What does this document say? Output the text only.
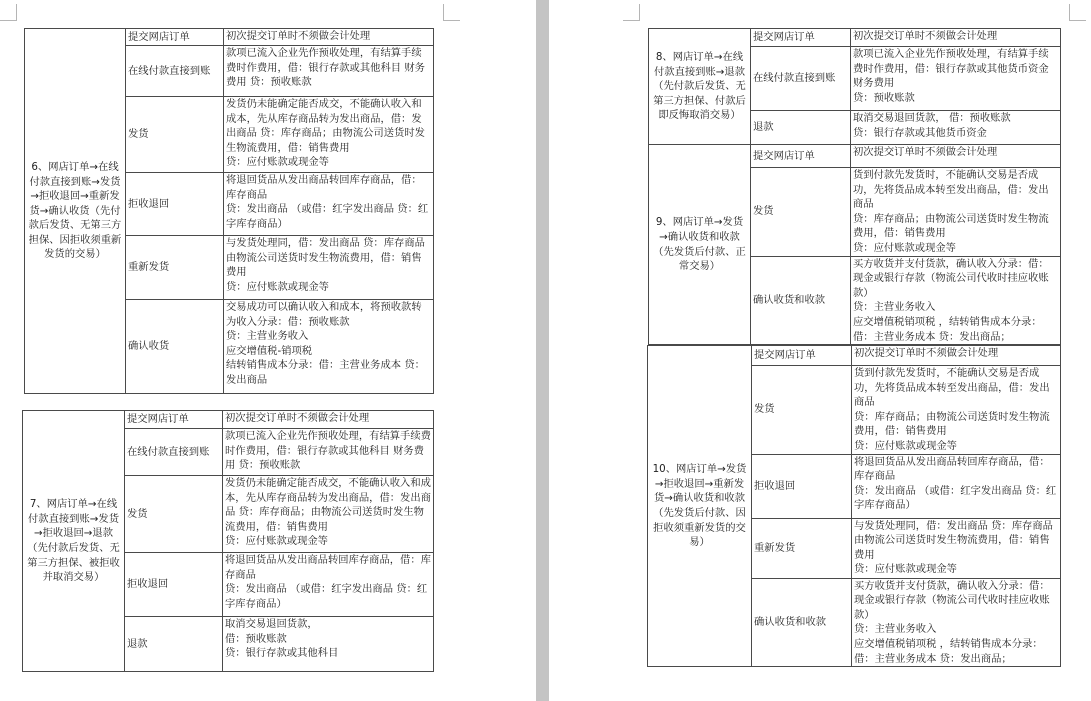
6、网店订单→在线付款直接到账→发货→拒收退回→重新发货→确认收货（先付款后发货、无第三方担保、因拒收须重新发货的交易）	提交网店订单	初次提交订单时不须做会计处理

	在线付款直接到账	款项已流入企业先作预收处理，有结算手续费时作费用，借：银行存款或其他科目 财务费用 贷：预收账款

	发货	发货仍未能确定能否成交，不能确认收入和成本，先从库存商品转为发出商品，借：发出商品 贷：库存商品；由物流公司送货时发生物流费用，借：销售费用
贷：应付账款或现金等

	拒收退回	将退回货品从发出商品转回库存商品，借：库存商品
贷：发出商品 （或借：红字发出商品 贷：红字库存商品）

	重新发货	与发货处理同，借：发出商品 贷：库存商品
由物流公司送货时发生物流费用，借：销售费用
贷：应付账款或现金等

	确认收货	交易成功可以确认收入和成本，将预收款转为收入分录：借：预收账款
贷：主营业务收入
应交增值税-销项税
结转销售成本分录：借：主营业务成本 贷：发出商品
7、网店订单→在线付款直接到账→发货→拒收退回→退款（先付款后发货、无第三方担保、被拒收并取消交易）	提交网店订单	初次提交订单时不须做会计处理

	在线付款直接到账	款项已流入企业先作预收处理，有结算手续费时作费用，借：银行存款或其他科目 财务费用 贷：预收账款

	发货	发货仍未能确定能否成交，不能确认收入和成本，先从库存商品转为发出商品，借：发出商品 贷：库存商品；由物流公司送货时发生物流费用，借：销售费用
贷：应付账款或现金等

	拒收退回	将退回货品从发出商品转回库存商品，借：库存商品
贷：发出商品 （或借：红字发出商品 贷：红字库存商品）

	退款	取消交易退回货款，
借：预收账款
贷：银行存款或其他科目
8、网店订单→在线付款直接到账→退款（先付款后发货、无第三方担保、付款后即反悔取消交易）	提交网店订单	初次提交订单时不须做会计处理

	在线付款直接到账	款项已流入企业先作预收处理，有结算手续费时作费用，借：银行存款或其他货币资金
财务费用
贷：预收账款

	退款	取消交易退回货款， 借：预收账款
贷：银行存款或其他货币资金

9、网店订单→发货→确认收货和收款（先发货后付款、正常交易）	提交网店订单	初次提交订单时不须做会计处理

	发货	货到付款先发货时，不能确认交易是否成功，先将货品成本转至发出商品，借：发出商品
贷：库存商品；由物流公司送货时发生物流费用，借：销售费用
贷：应付账款或现金等

	确认收货和收款	买方收货并支付货款，确认收入分录：借：现金或银行存款（物流公司代收时挂应收账款）
贷：主营业务收入
应交增值税销项税 ，结转销售成本分录：
借：主营业务成本 贷：发出商品；
10、网店订单→发货→拒收退回→重新发货→确认收货和收款（先发货后付款、因拒收须重新发货的交易）	提交网店订单	初次提交订单时不须做会计处理

	发货	货到付款先发货时，不能确认交易是否成功，先将货品成本转至发出商品，借：发出商品
贷：库存商品；由物流公司送货时发生物流费用，借：销售费用
贷：应付账款或现金等

	拒收退回	将退回货品从发出商品转回库存商品，借：库存商品
贷：发出商品 （或借：红字发出商品 贷：红字库存商品）

	重新发货	与发货处理同，借：发出商品 贷：库存商品
由物流公司送货时发生物流费用，借：销售费用
贷：应付账款或现金等

	确认收货和收款	买方收货并支付货款，确认收入分录：借：现金或银行存款（物流公司代收时挂应收账款）
贷：主营业务收入
应交增值税销项税 ，结转销售成本分录：
借：主营业务成本 贷：发出商品；
